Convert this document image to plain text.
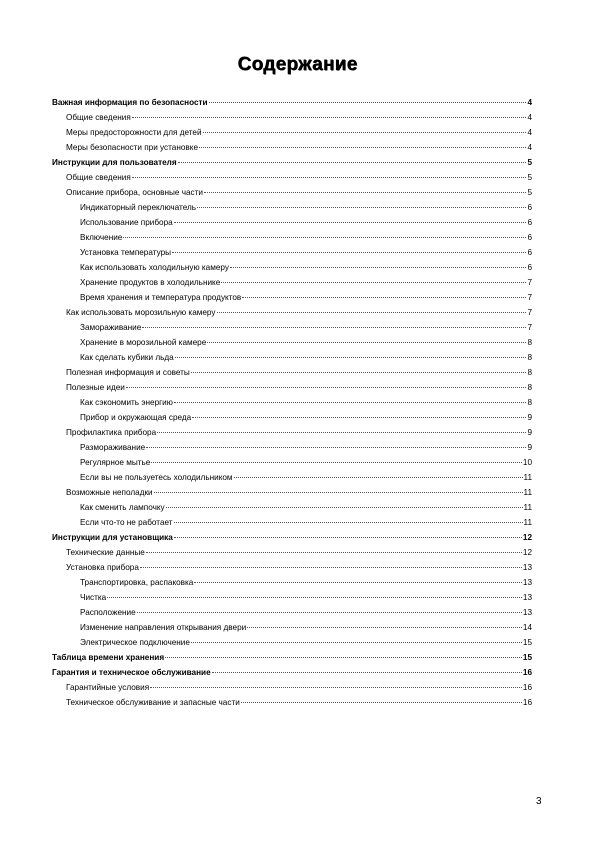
Содержание
Важная информация по безопасности	4
Общие сведения	4
Меры предосторожности для детей	4
Меры безопасности при установке	4
Инструкции для пользователя	5
Общие сведения	5
Описание прибора, основные части	5
Индикаторный переключатель	6
Использование прибора	6
Включение	6
Установка температуры	6
Как использовать холодильную камеру	6
Хранение продуктов в холодильнике	7
Время хранения и температура продуктов	7
Как использовать морозильную камеру	7
Замораживание	7
Хранение в морозильной камере	8
Как сделать кубики льда	8
Полезная информация и советы	8
Полезные идеи	8
Как сэкономить энергию	8
Прибор и окружающая среда	9
Профилактика прибора	9
Размораживание	9
Регулярное мытье	10
Если вы не пользуетесь холодильником	11
Возможные неполадки	11
Как сменить лампочку	11
Если что-то не работает	11
Инструкции для установщика	12
Технические данные	12
Установка прибора	13
Транспортировка, распаковка	13
Чистка	13
Расположение	13
Изменение направления открывания двери	14
Электрическое подключение	15
Таблица времени хранения	15
Гарантия и техническое обслуживание	16
Гарантийные условия	16
Техническое обслуживание и запасные части	16
3
